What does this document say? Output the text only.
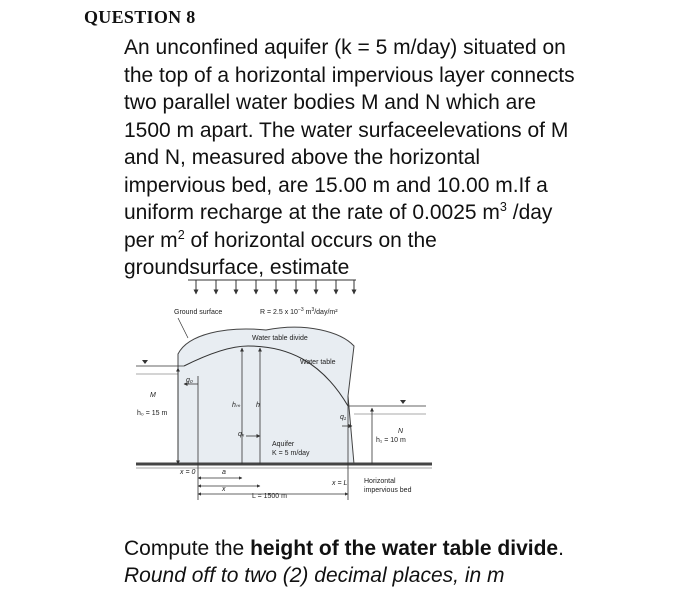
QUESTION 8
An unconfined aquifer (k = 5 m/day) situated on
the top of a horizontal impervious layer connects
two parallel water bodies M and N which are
1500 m apart. The water surfaceelevations of M
and N, measured above the horizontal
impervious bed, are 15.00 m and 10.00 m.If a
uniform recharge at the rate of 0.0025 $m^3$ /day
per $m^2$ of horizontal occurs on the
groundsurface, estimate
Ground surface	R = 2.5 x $10^{-3}$ $m^3/day/m^2$
Water table divide
Water table
q₀
M
h₀ = 15 m
hₘ h
q₁
qₓ	N
h₁ = 10 m
Aquifer
K = 5 m/day
x = 0	a
x
x = L
L = 1500 m
Horizontal
impervious bed
Compute the height of the water table divide.
Round off to two (2) decimal places, in m
